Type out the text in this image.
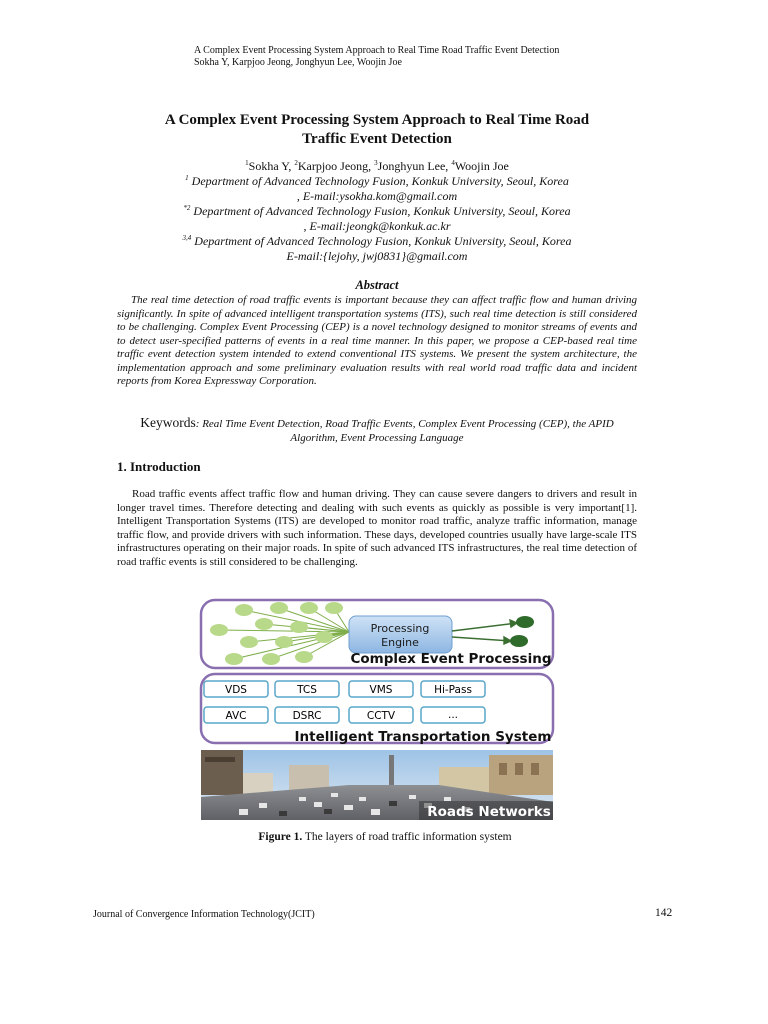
A Complex Event Processing System Approach to Real Time Road Traffic Event Detection
Sokha Y, Karpjoo Jeong, Jonghyun Lee, Woojin Joe
A Complex Event Processing System Approach to Real Time Road
Traffic Event Detection
$^1$Sokha Y, $^2$Karpjoo Jeong, $^3$Jonghyun Lee, $^4$Woojin Joe
$^1$ Department of Advanced Technology Fusion, Konkuk University, Seoul, Korea
, E-mail:ysokha.kom@gmail.com
$^{*2}$ Department of Advanced Technology Fusion, Konkuk University, Seoul, Korea
, E-mail:jeongk@konkuk.ac.kr
$^{3,4}$ Department of Advanced Technology Fusion, Konkuk University, Seoul, Korea
E-mail:{lejohy, jwj0831}@gmail.com
Abstract
The real time detection of road traffic events is important because they can affect traffic flow and human driving significantly. In spite of advanced intelligent transportation systems (ITS), such real time detection is still considered to be challenging. Complex Event Processing (CEP) is a novel technology designed to monitor streams of events and to detect user-specified patterns of events in a real time manner. In this paper, we propose a CEP-based real time traffic event detection system intended to extend conventional ITS systems. We present the system architecture, the implementation approach and some preliminary evaluation results with real world road traffic data and incident reports from Korea Expressway Corporation.
Keywords: Real Time Event Detection, Road Traffic Events, Complex Event Processing (CEP), the APID Algorithm, Event Processing Language
1. Introduction
Road traffic events affect traffic flow and human driving. They can cause severe dangers to drivers and result in longer travel times. Therefore detecting and dealing with such events as quickly as possible is very important[1]. Intelligent Transportation Systems (ITS) are developed to monitor road traffic, analyze traffic information, manage traffic flow, and provide drivers with such information. These days, developed countries usually have large-scale ITS infrastructures operating on their major roads. In spite of such advanced ITS infrastructures, the real time detection of road traffic events is still considered to be challenging.
Processing
Engine
Complex Event Processing
VDS	TCS	VMS	Hi-Pass
AVC	DSRC	CCTV	...
Intelligent Transportation System
Roads Networks
Figure 1. The layers of road traffic information system
Journal of Convergence Information Technology(JCIT)	142
